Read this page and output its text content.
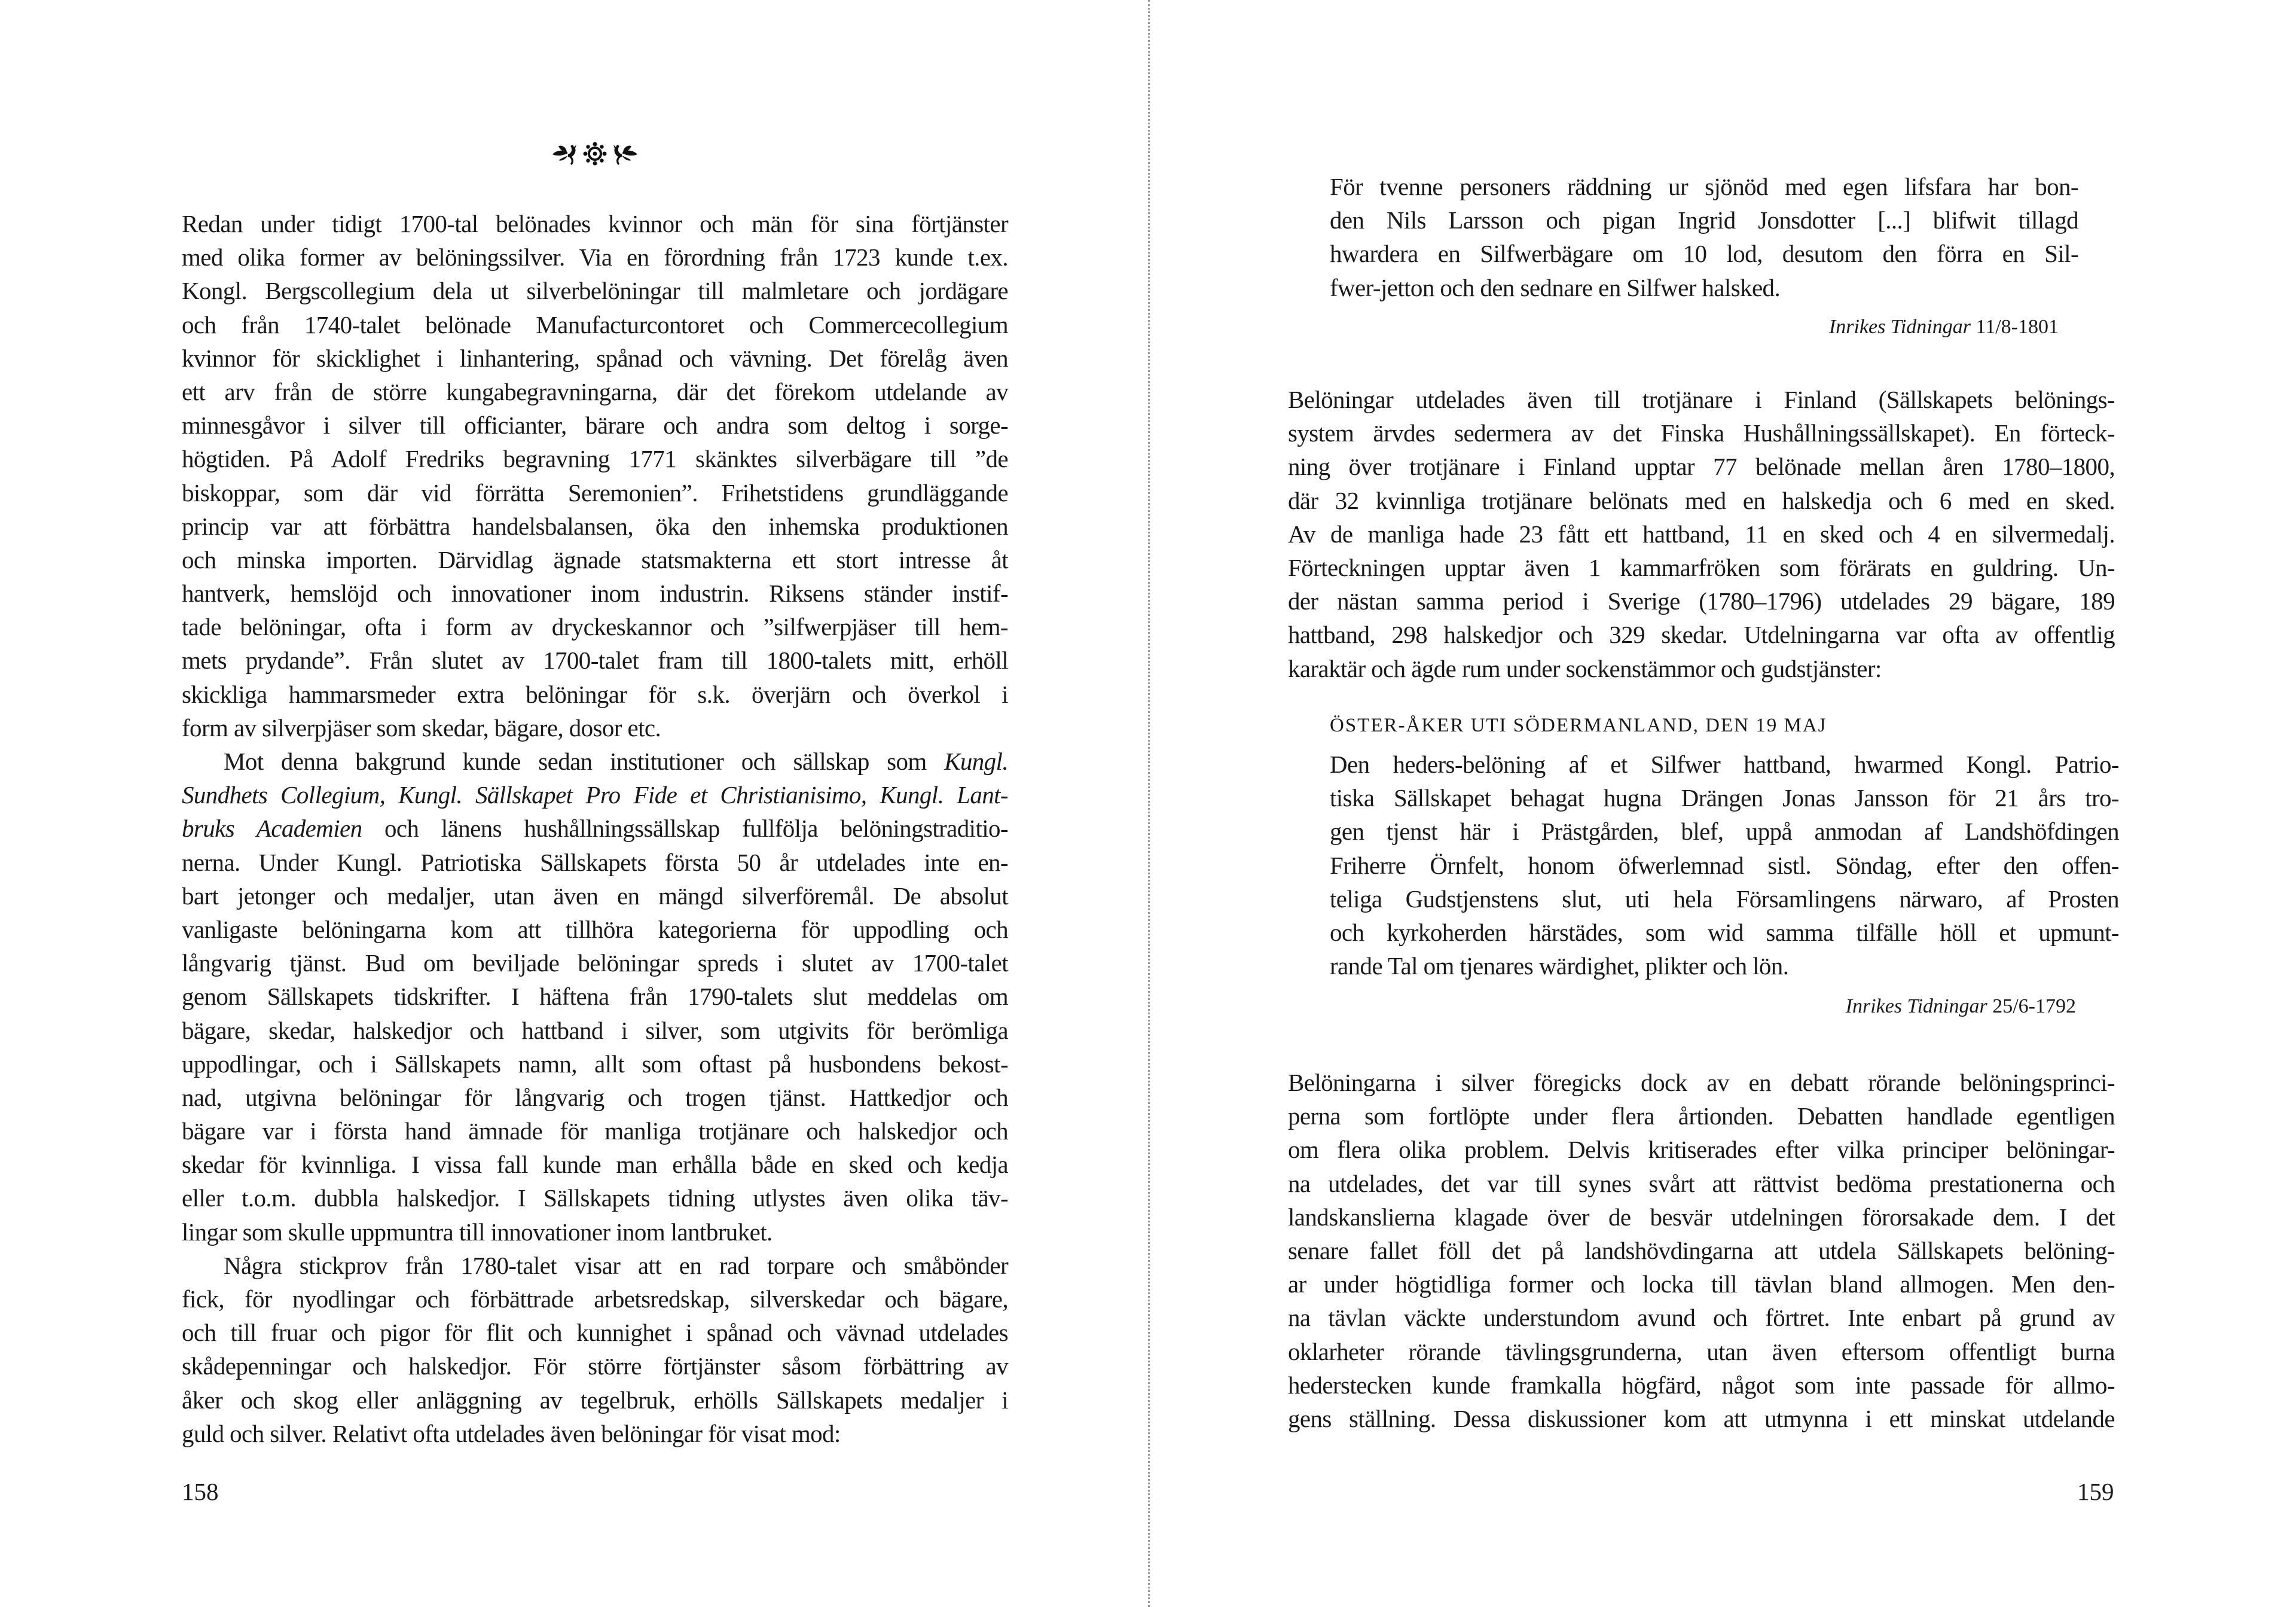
Redan under tidigt 1700-tal belönades kvinnor och män för sina förtjänster
med olika former av belöningssilver. Via en förordning från 1723 kunde t.ex.
Kongl. Bergscollegium dela ut silverbelöningar till malmletare och jordägare
och från 1740-talet belönade Manufacturcontoret och Commercecollegium
kvinnor för skicklighet i linhantering, spånad och vävning. Det förelåg även
ett arv från de större kungabegravningarna, där det förekom utdelande av
minnesgåvor i silver till officianter, bärare och andra som deltog i sorge-
högtiden. På Adolf Fredriks begravning 1771 skänktes silverbägare till ”de
biskoppar, som där vid förrätta Seremonien”. Frihetstidens grundläggande
princip var att förbättra handelsbalansen, öka den inhemska produktionen
och minska importen. Därvidlag ägnade statsmakterna ett stort intresse åt
hantverk, hemslöjd och innovationer inom industrin. Riksens ständer instif-
tade belöningar, ofta i form av dryckeskannor och ”silfwerpjäser till hem-
mets prydande”. Från slutet av 1700-talet fram till 1800-talets mitt, erhöll
skickliga hammarsmeder extra belöningar för s.k. överjärn och överkol i
form av silverpjäser som skedar, bägare, dosor etc.
Mot denna bakgrund kunde sedan institutioner och sällskap som Kungl.
Sundhets Collegium, Kungl. Sällskapet Pro Fide et Christianisimo, Kungl. Lant-
bruks Academien och länens hushållningssällskap fullfölja belöningstraditio-
nerna. Under Kungl. Patriotiska Sällskapets första 50 år utdelades inte en-
bart jetonger och medaljer, utan även en mängd silverföremål. De absolut
vanligaste belöningarna kom att tillhöra kategorierna för uppodling och
långvarig tjänst. Bud om beviljade belöningar spreds i slutet av 1700-talet
genom Sällskapets tidskrifter. I häftena från 1790-talets slut meddelas om
bägare, skedar, halskedjor och hattband i silver, som utgivits för berömliga
uppodlingar, och i Sällskapets namn, allt som oftast på husbondens bekost-
nad, utgivna belöningar för långvarig och trogen tjänst. Hattkedjor och
bägare var i första hand ämnade för manliga trotjänare och halskedjor och
skedar för kvinnliga. I vissa fall kunde man erhålla både en sked och kedja
eller t.o.m. dubbla halskedjor. I Sällskapets tidning utlystes även olika täv-
lingar som skulle uppmuntra till innovationer inom lantbruket.
Några stickprov från 1780-talet visar att en rad torpare och småbönder
fick, för nyodlingar och förbättrade arbetsredskap, silverskedar och bägare,
och till fruar och pigor för flit och kunnighet i spånad och vävnad utdelades
skådepenningar och halskedjor. För större förtjänster såsom förbättring av
åker och skog eller anläggning av tegelbruk, erhölls Sällskapets medaljer i
guld och silver. Relativt ofta utdelades även belöningar för visat mod:
158
För tvenne personers räddning ur sjönöd med egen lifsfara har bon-
den Nils Larsson och pigan Ingrid Jonsdotter [...] blifwit tillagd
hwardera en Silfwerbägare om 10 lod, desutom den förra en Sil-
fwer-jetton och den sednare en Silfwer halsked.
Inrikes Tidningar 11/8-1801
Belöningar utdelades även till trotjänare i Finland (Sällskapets belönings-
system ärvdes sedermera av det Finska Hushållningssällskapet). En förteck-
ning över trotjänare i Finland upptar 77 belönade mellan åren 1780–1800,
där 32 kvinnliga trotjänare belönats med en halskedja och 6 med en sked.
Av de manliga hade 23 fått ett hattband, 11 en sked och 4 en silvermedalj.
Förteckningen upptar även 1 kammarfröken som förärats en guldring. Un-
der nästan samma period i Sverige (1780–1796) utdelades 29 bägare, 189
hattband, 298 halskedjor och 329 skedar. Utdelningarna var ofta av offentlig
karaktär och ägde rum under sockenstämmor och gudstjänster:
ÖSTER-ÅKER UTI SÖDERMANLAND, DEN 19 MAJ
Den heders-belöning af et Silfwer hattband, hwarmed Kongl. Patrio-
tiska Sällskapet behagat hugna Drängen Jonas Jansson för 21 års tro-
gen tjenst här i Prästgården, blef, uppå anmodan af Landshöfdingen
Friherre Örnfelt, honom öfwerlemnad sistl. Söndag, efter den offen-
teliga Gudstjenstens slut, uti hela Församlingens närwaro, af Prosten
och kyrkoherden härstädes, som wid samma tilfälle höll et upmunt-
rande Tal om tjenares wärdighet, plikter och lön.
Inrikes Tidningar 25/6-1792
Belöningarna i silver föregicks dock av en debatt rörande belöningsprinci-
perna som fortlöpte under flera årtionden. Debatten handlade egentligen
om flera olika problem. Delvis kritiserades efter vilka principer belöningar-
na utdelades, det var till synes svårt att rättvist bedöma prestationerna och
landskanslierna klagade över de besvär utdelningen förorsakade dem. I det
senare fallet föll det på landshövdingarna att utdela Sällskapets belöning-
ar under högtidliga former och locka till tävlan bland allmogen. Men den-
na tävlan väckte understundom avund och förtret. Inte enbart på grund av
oklarheter rörande tävlingsgrunderna, utan även eftersom offentligt burna
hederstecken kunde framkalla högfärd, något som inte passade för allmo-
gens ställning. Dessa diskussioner kom att utmynna i ett minskat utdelande
159
